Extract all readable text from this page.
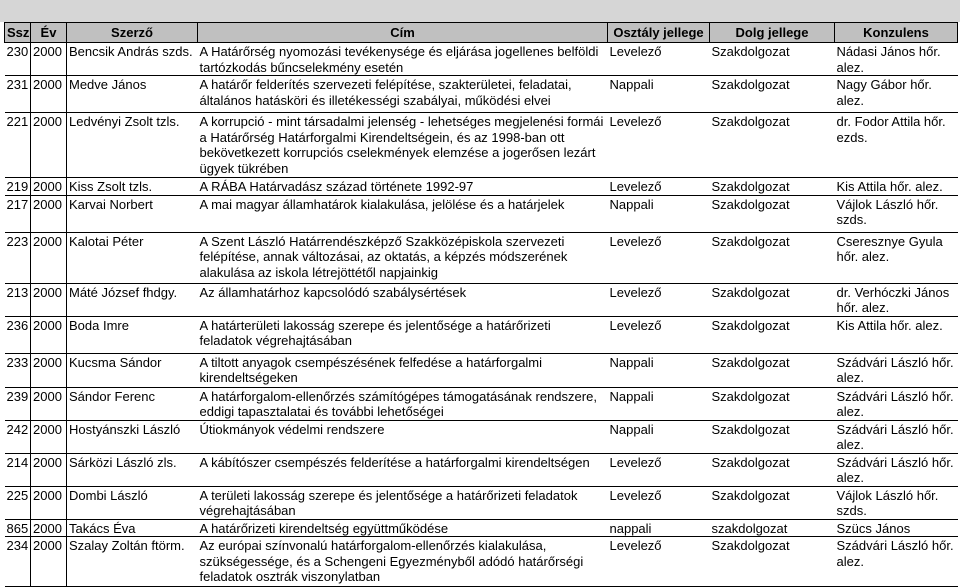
Ssz	Év	Szerző	Cím	Osztály jellege	Dolg jellege	Konzulens
230	2000	Bencsik András szds.	A Határőrség nyomozási tevékenysége és eljárása jogellenes belföldi tartózkodás bűncselekmény esetén	Levelező	Szakdolgozat	Nádasi János hőr. alez.
231	2000	Medve János	A határőr felderítés szervezeti felépítése, szakterületei, feladatai, általános hatásköri és illetékességi szabályai, működési elvei	Nappali	Szakdolgozat	Nagy Gábor hőr. alez.
221	2000	Ledvényi Zsolt tzls.	A korrupció - mint társadalmi jelenség - lehetséges megjelenési formái a Határőrség Határforgalmi Kirendeltségein, és az 1998-ban ott bekövetkezett korrupciós cselekmények elemzése a jogerősen lezárt ügyek tükrében	Levelező	Szakdolgozat	dr. Fodor Attila hőr. ezds.
219	2000	Kiss Zsolt tzls.	A RÁBA Határvadász század története 1992-97	Levelező	Szakdolgozat	Kis Attila hőr. alez.
217	2000	Karvai Norbert	A mai magyar államhatárok kialakulása, jelölése és a határjelek	Nappali	Szakdolgozat	Vájlok László hőr. szds.
223	2000	Kalotai Péter	A Szent László Határrendészképző Szakközépiskola szervezeti felépítése, annak változásai, az oktatás, a képzés módszerének alakulása az iskola létrejöttétől napjainkig	Levelező	Szakdolgozat	Cseresznye Gyula hőr. alez.
213	2000	Máté József fhdgy.	Az államhatárhoz kapcsolódó szabálysértések	Levelező	Szakdolgozat	dr. Verhóczki János hőr. alez.
236	2000	Boda Imre	A határterületi lakosság szerepe és jelentősége a határőrizeti feladatok végrehajtásában	Levelező	Szakdolgozat	Kis Attila hőr. alez.
233	2000	Kucsma Sándor	A tiltott anyagok csempészésének felfedése a határforgalmi kirendeltségeken	Nappali	Szakdolgozat	Szádvári László hőr. alez.
239	2000	Sándor Ferenc	A határforgalom-ellenőrzés számítógépes támogatásának rendszere, eddigi tapasztalatai és további lehetőségei	Nappali	Szakdolgozat	Szádvári László hőr. alez.
242	2000	Hostyánszki László	Útiokmányok védelmi rendszere	Nappali	Szakdolgozat	Szádvári László hőr. alez.
214	2000	Sárközi László zls.	A kábítószer csempészés felderítése a határforgalmi kirendeltségen	Levelező	Szakdolgozat	Szádvári László hőr. alez.
225	2000	Dombi László	A területi lakosság szerepe és jelentősége a határőrizeti feladatok végrehajtásában	Levelező	Szakdolgozat	Vájlok László hőr. szds.
865	2000	Takács Éva	A határőrizeti kirendeltség együttműködése	nappali	szakdolgozat	Szücs János
234	2000	Szalay Zoltán ftörm.	Az európai színvonalú határforgalom-ellenőrzés kialakulása, szükségessége, és a Schengeni Egyezményből adódó határőrségi feladatok osztrák viszonylatban	Levelező	Szakdolgozat	Szádvári László hőr. alez.
